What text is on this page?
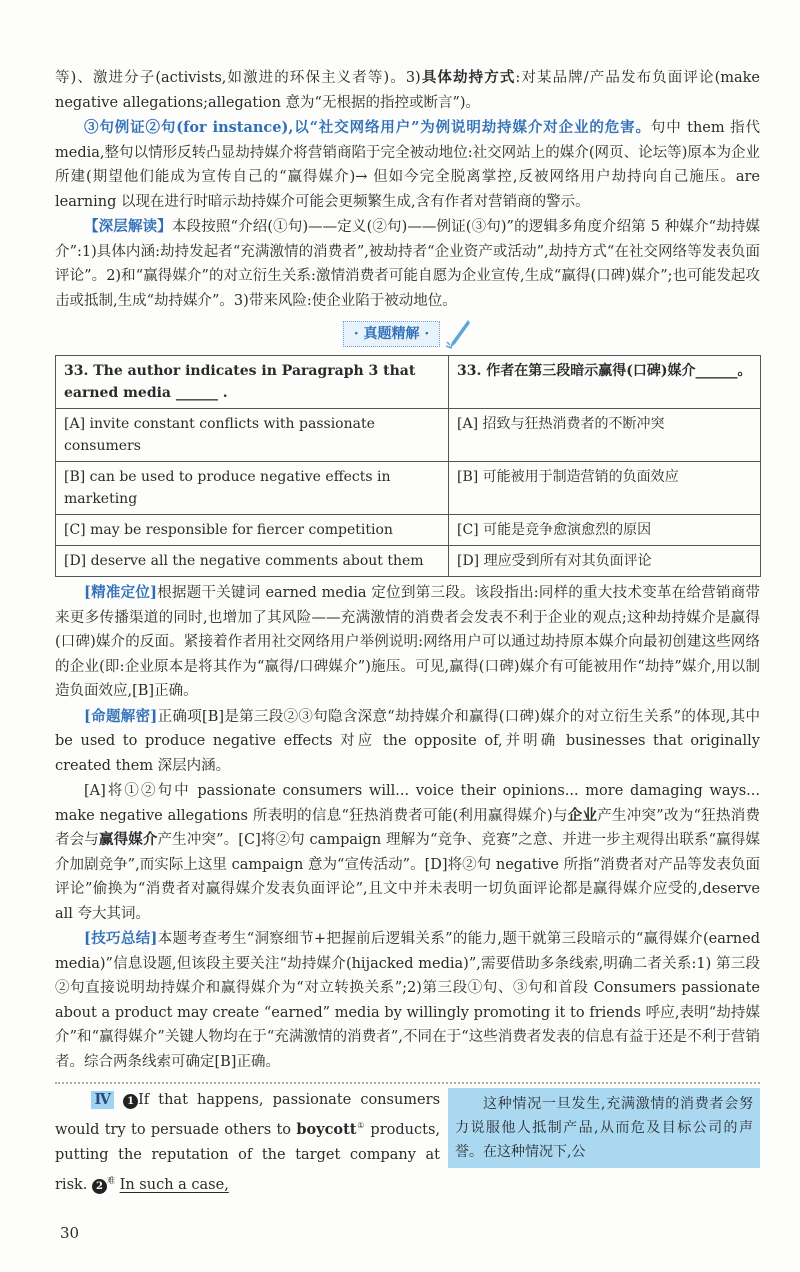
等)、激进分子(activists,如激进的环保主义者等)。3)具体劫持方式:对某品牌/产品发布负面评论(make negative allegations;allegation 意为“无根据的指控或断言”)。
③句例证②句(for instance),以“社交网络用户”为例说明劫持媒介对企业的危害。句中 them 指代 media,整句以情形反转凸显劫持媒介将营销商陷于完全被动地位:社交网站上的媒介(网页、论坛等)原本为企业所建(期望他们能成为宣传自己的“赢得媒介)→ 但如今完全脱离掌控,反被网络用户劫持向自己施压。are learning 以现在进行时暗示劫持媒介可能会更频繁生成,含有作者对营销商的警示。
【深层解读】本段按照“介绍(①句)——定义(②句)——例证(③句)”的逻辑多角度介绍第 5 种媒介“劫持媒介”:1)具体内涵:劫持发起者“充满激情的消费者”,被劫持者“企业资产或活动”,劫持方式“在社交网络等发表负面评论”。2)和“赢得媒介”的对立衍生关系:激情消费者可能自愿为企业宣传,生成“赢得(口碑)媒介”;也可能发起攻击或抵制,生成“劫持媒介”。3)带来风险:使企业陷于被动地位。
· 真题精解 ·
33. The author indicates in Paragraph 3 that earned media ______ .	33. 作者在第三段暗示赢得(口碑)媒介______。
[A] invite constant conflicts with passionate consumers	[A] 招致与狂热消费者的不断冲突
[B] can be used to produce negative effects in marketing	[B] 可能被用于制造营销的负面效应
[C] may be responsible for fiercer competition	[C] 可能是竞争愈演愈烈的原因
[D] deserve all the negative comments about them	[D] 理应受到所有对其负面评论
[精准定位]根据题干关键词 earned media 定位到第三段。该段指出:同样的重大技术变革在给营销商带来更多传播渠道的同时,也增加了其风险——充满激情的消费者会发表不利于企业的观点;这种劫持媒介是赢得(口碑)媒介的反面。紧接着作者用社交网络用户举例说明:网络用户可以通过劫持原本媒介向最初创建这些网络的企业(即:企业原本是将其作为“赢得/口碑媒介”)施压。可见,赢得(口碑)媒介有可能被用作“劫持”媒介,用以制造负面效应,[B]正确。
[命题解密]正确项[B]是第三段②③句隐含深意“劫持媒介和赢得(口碑)媒介的对立衍生关系”的体现,其中 be used to produce negative effects 对应 the opposite of,并明确 businesses that originally created them 深层内涵。
[A]将①②句中 passionate consumers will... voice their opinions... more damaging ways... make negative allegations 所表明的信息“狂热消费者可能(利用赢得媒介)与企业产生冲突”改为“狂热消费者会与赢得媒介产生冲突”。[C]将②句 campaign 理解为“竞争、竞赛”之意、并进一步主观得出联系“赢得媒介加剧竞争”,而实际上这里 campaign 意为“宣传活动”。[D]将②句 negative 所指“消费者对产品等发表负面评论”偷换为“消费者对赢得媒介发表负面评论”,且文中并未表明一切负面评论都是赢得媒介应受的,deserve all 夸大其词。
[技巧总结]本题考查考生“洞察细节+把握前后逻辑关系”的能力,题干就第三段暗示的“赢得媒介(earned media)”信息设题,但该段主要关注“劫持媒介(hijacked media)”,需要借助多条线索,明确二者关系:1) 第三段②句直接说明劫持媒介和赢得媒介为“对立转换关系”;2)第三段①句、③句和首段 Consumers passionate about a product may create “earned” media by willingly promoting it to friends 呼应,表明“劫持媒介”和“赢得媒介”关键人物均在于“充满激情的消费者”,不同在于“这些消费者发表的信息有益于还是不利于营销者。综合两条线索可确定[B]正确。
Ⅳ 1 If that happens, passionate consumers would try to persuade others to boycott① products, putting the reputation of the target company at risk. $2^难$ In such a case,
这种情况一旦发生,充满激情的消费者会努力说服他人抵制产品,从而危及目标公司的声誉。在这种情况下,公
30
